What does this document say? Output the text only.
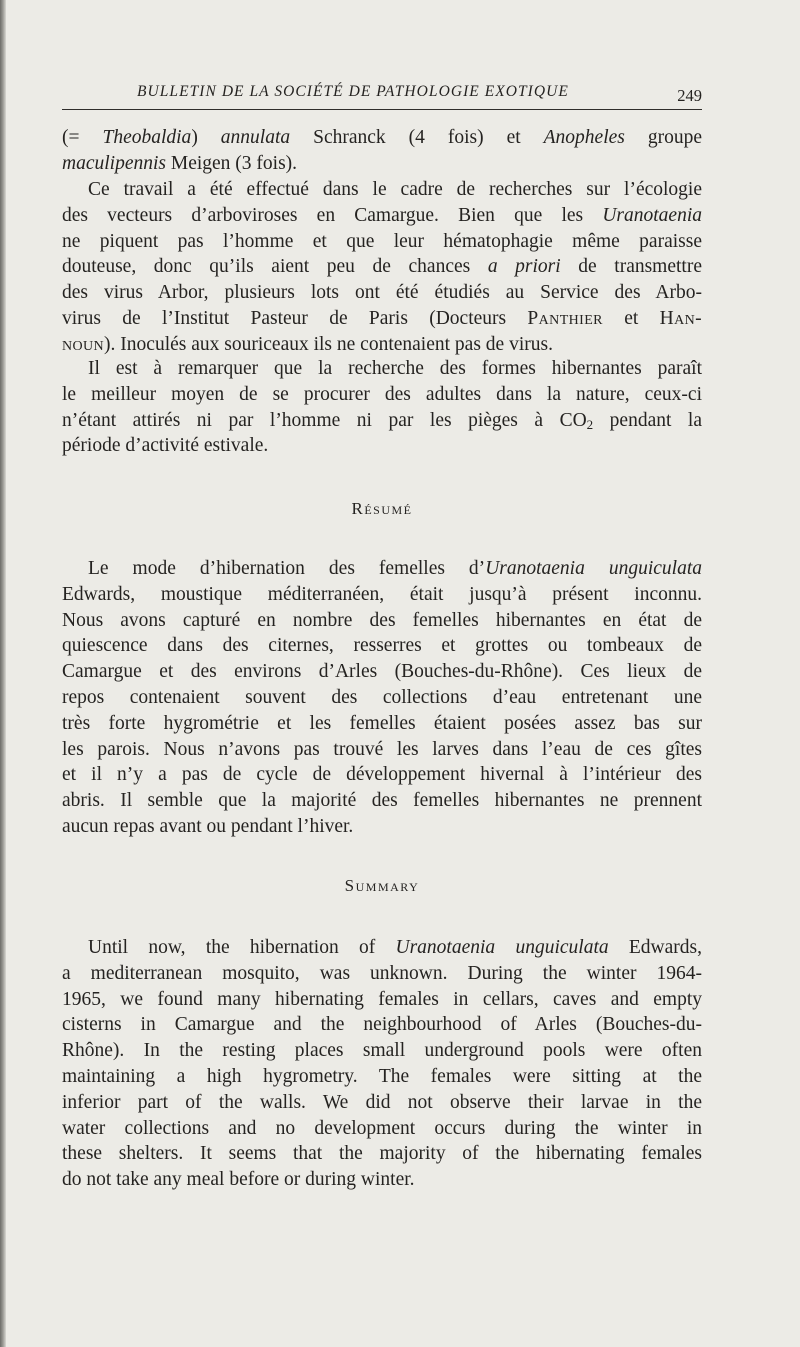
BULLETIN DE LA SOCIÉTÉ DE PATHOLOGIE EXOTIQUE	249
(= Theobaldia) annulata Schranck (4 fois) et Anopheles groupe
maculipennis Meigen (3 fois).
Ce travail a été effectué dans le cadre de recherches sur l’écologie
des vecteurs d’arboviroses en Camargue. Bien que les Uranotaenia
ne piquent pas l’homme et que leur hématophagie même paraisse
douteuse, donc qu’ils aient peu de chances a priori de transmettre
des virus Arbor, plusieurs lots ont été étudiés au Service des Arbo-
virus de l’Institut Pasteur de Paris (Docteurs Panthier et Han-
noun). Inoculés aux souriceaux ils ne contenaient pas de virus.
Il est à remarquer que la recherche des formes hibernantes paraît
le meilleur moyen de se procurer des adultes dans la nature, ceux-ci
n’étant attirés ni par l’homme ni par les pièges à $CO_2$ pendant la
période d’activité estivale.
Résumé
Le mode d’hibernation des femelles d’Uranotaenia unguiculata
Edwards, moustique méditerranéen, était jusqu’à présent inconnu.
Nous avons capturé en nombre des femelles hibernantes en état de
quiescence dans des citernes, resserres et grottes ou tombeaux de
Camargue et des environs d’Arles (Bouches-du-Rhône). Ces lieux de
repos contenaient souvent des collections d’eau entretenant une
très forte hygrométrie et les femelles étaient posées assez bas sur
les parois. Nous n’avons pas trouvé les larves dans l’eau de ces gîtes
et il n’y a pas de cycle de développement hivernal à l’intérieur des
abris. Il semble que la majorité des femelles hibernantes ne prennent
aucun repas avant ou pendant l’hiver.
Summary
Until now, the hibernation of Uranotaenia unguiculata Edwards,
a mediterranean mosquito, was unknown. During the winter 1964-
1965, we found many hibernating females in cellars, caves and empty
cisterns in Camargue and the neighbourhood of Arles (Bouches-du-
Rhône). In the resting places small underground pools were often
maintaining a high hygrometry. The females were sitting at the
inferior part of the walls. We did not observe their larvae in the
water collections and no development occurs during the winter in
these shelters. It seems that the majority of the hibernating females
do not take any meal before or during winter.
